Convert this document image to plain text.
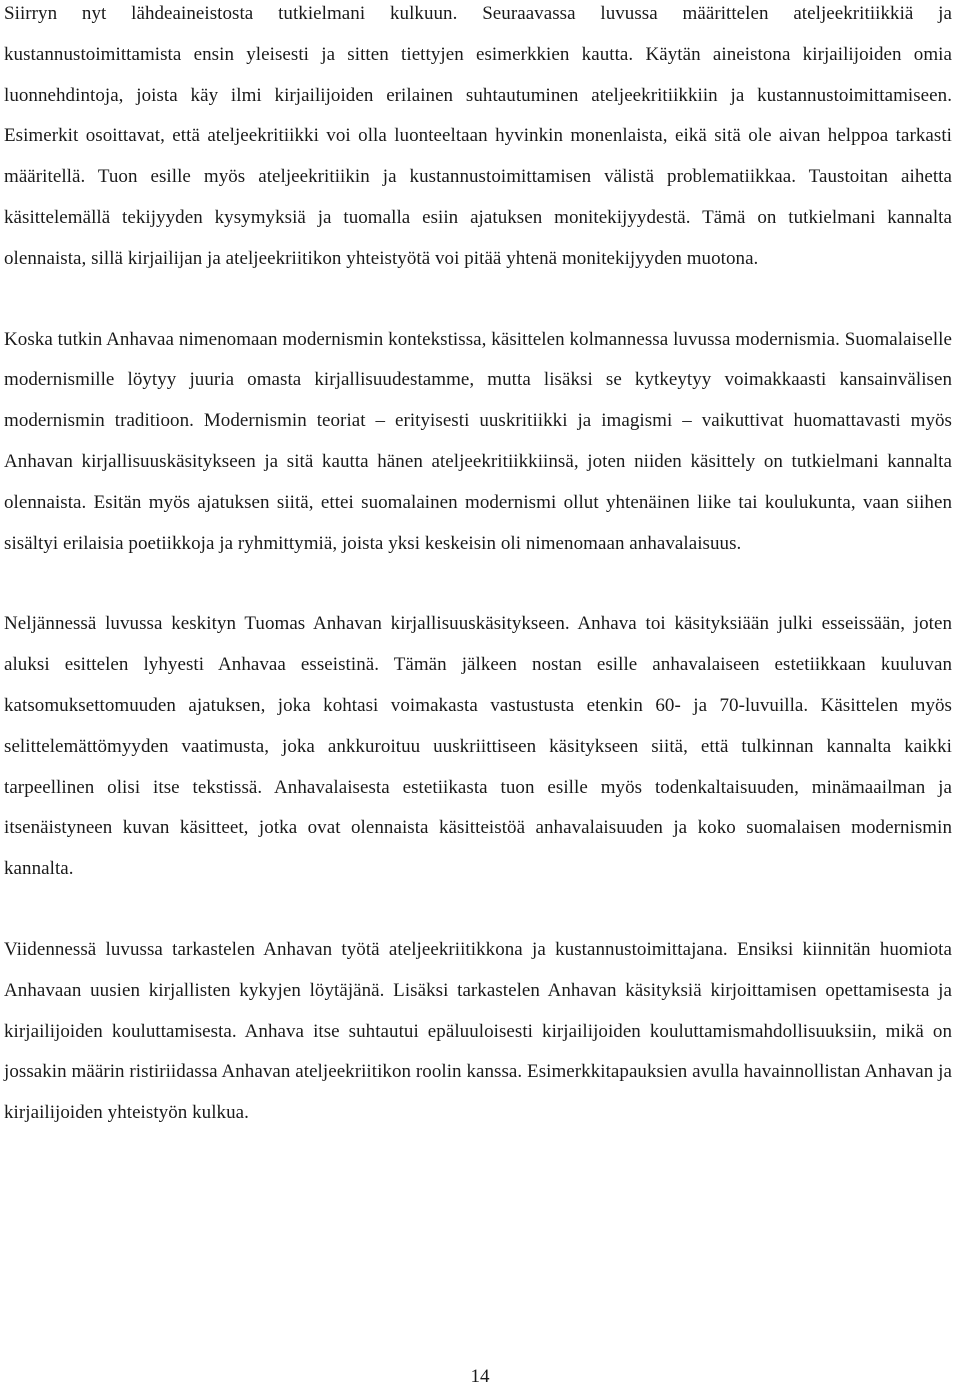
Siirryn nyt lähdeaineistosta tutkielmani kulkuun. Seuraavassa luvussa määrittelen ateljeekritiikkiä ja kustannustoimittamista ensin yleisesti ja sitten tiettyjen esimerkkien kautta. Käytän aineistona kirjailijoiden omia luonnehdintoja, joista käy ilmi kirjailijoiden erilainen suhtautuminen ateljeekritiikkiin ja kustannustoimittamiseen. Esimerkit osoittavat, että ateljeekritiikki voi olla luonteeltaan hyvinkin monenlaista, eikä sitä ole aivan helppoa tarkasti määritellä. Tuon esille myös ateljeekritiikin ja kustannustoimittamisen välistä problematiikkaa. Taustoitan aihetta käsittelemällä tekijyyden kysymyksiä ja tuomalla esiin ajatuksen monitekijyydestä. Tämä on tutkielmani kannalta olennaista, sillä kirjailijan ja ateljeekriitikon yhteistyötä voi pitää yhtenä monitekijyyden muotona.

Koska tutkin Anhavaa nimenomaan modernismin kontekstissa, käsittelen kolmannessa luvussa modernismia. Suomalaiselle modernismille löytyy juuria omasta kirjallisuudestamme, mutta lisäksi se kytkeytyy voimakkaasti kansainvälisen modernismin traditioon. Modernismin teoriat – erityisesti uuskritiikki ja imagismi – vaikuttivat huomattavasti myös Anhavan kirjallisuuskäsitykseen ja sitä kautta hänen ateljeekritiikkiinsä, joten niiden käsittely on tutkielmani kannalta olennaista. Esitän myös ajatuksen siitä, ettei suomalainen modernismi ollut yhtenäinen liike tai koulukunta, vaan siihen sisältyi erilaisia poetiikkoja ja ryhmittymiä, joista yksi keskeisin oli nimenomaan anhavalaisuus.

Neljännessä luvussa keskityn Tuomas Anhavan kirjallisuuskäsitykseen. Anhava toi käsityksiään julki esseissään, joten aluksi esittelen lyhyesti Anhavaa esseistinä. Tämän jälkeen nostan esille anhavalaiseen estetiikkaan kuuluvan katsomuksettomuuden ajatuksen, joka kohtasi voimakasta vastustusta etenkin 60- ja 70-luvuilla. Käsittelen myös selittelemättömyyden vaatimusta, joka ankkuroituu uuskriittiseen käsitykseen siitä, että tulkinnan kannalta kaikki tarpeellinen olisi itse tekstissä. Anhavalaisesta estetiikasta tuon esille myös todenkaltaisuuden, minämaailman ja itsenäistyneen kuvan käsitteet, jotka ovat olennaista käsitteistöä anhavalaisuuden ja koko suomalaisen modernismin kannalta.

Viidennessä luvussa tarkastelen Anhavan työtä ateljeekriitikkona ja kustannustoimittajana. Ensiksi kiinnitän huomiota Anhavaan uusien kirjallisten kykyjen löytäjänä. Lisäksi tarkastelen Anhavan käsityksiä kirjoittamisen opettamisesta ja kirjailijoiden kouluttamisesta. Anhava itse suhtautui epäluuloisesti kirjailijoiden kouluttamismahdollisuuksiin, mikä on jossakin määrin ristiriidassa Anhavan ateljeekriitikon roolin kanssa. Esimerkkitapauksien avulla havainnollistan Anhavan ja kirjailijoiden yhteistyön kulkua.

14
